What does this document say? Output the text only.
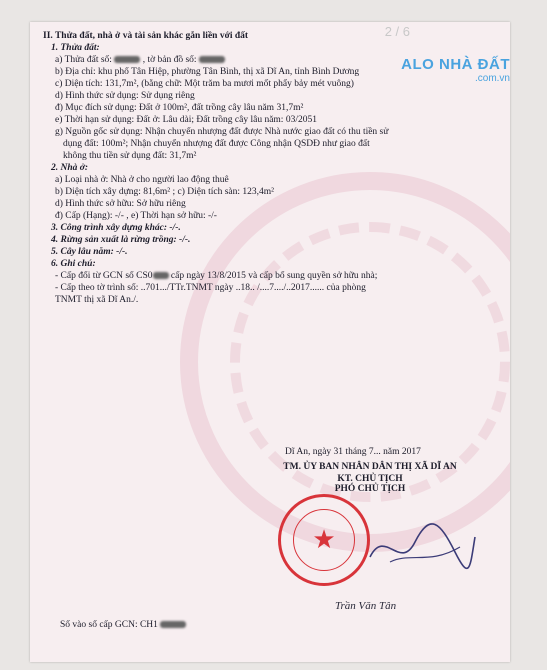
2 / 6
ALO NHÀ ĐẤT
.com.vn
II. Thửa đất, nhà ở và tài sản khác gắn liền với đất
1. Thửa đất:
a) Thửa đất số:	, tờ bản đồ số:
b) Địa chỉ: khu phố Tân Hiệp, phường Tân Bình, thị xã Dĩ An, tỉnh Bình Dương
c) Diện tích: 131,7m², (bằng chữ: Một trăm ba mươi mốt phẩy bảy mét vuông)
d) Hình thức sử dụng: Sử dụng riêng
đ) Mục đích sử dụng: Đất ở 100m², đất trồng cây lâu năm 31,7m²
e) Thời hạn sử dụng: Đất ở: Lâu dài; Đất trồng cây lâu năm: 03/2051
g) Nguồn gốc sử dụng: Nhận chuyển nhượng đất được Nhà nước giao đất có thu tiền sử
dụng đất: 100m²; Nhận chuyển nhượng đất được Công nhận QSDĐ như giao đất
không thu tiền sử dụng đất: 31,7m²
2. Nhà ở:
a) Loại nhà ở: Nhà ở cho người lao động thuê
b) Diện tích xây dựng: 81,6m² ; c) Diện tích sàn: 123,4m²
d) Hình thức sở hữu: Sở hữu riêng
đ) Cấp (Hạng): -/- , e) Thời hạn sở hữu: -/-
3. Công trình xây dựng khác: -/-.
4. Rừng sản xuất là rừng trồng: -/-.
5. Cây lâu năm: -/-.
6. Ghi chú:
- Cấp đổi từ GCN số CS0 cấp ngày 13/8/2015 và cấp bổ sung quyền sở hữu nhà;
- Cấp theo tờ trình số: ..701.../TTr.TNMT ngày ..18.. /....7..../..2017...... của phòng
TNMT thị xã Dĩ An./.
Dĩ An, ngày 31 tháng 7... năm 2017
TM. ỦY BAN NHÂN DÂN THỊ XÃ DĨ AN
KT. CHỦ TỊCH
PHÓ CHỦ TỊCH
★
Trần Văn Tân
Số vào sổ cấp GCN: CH1
